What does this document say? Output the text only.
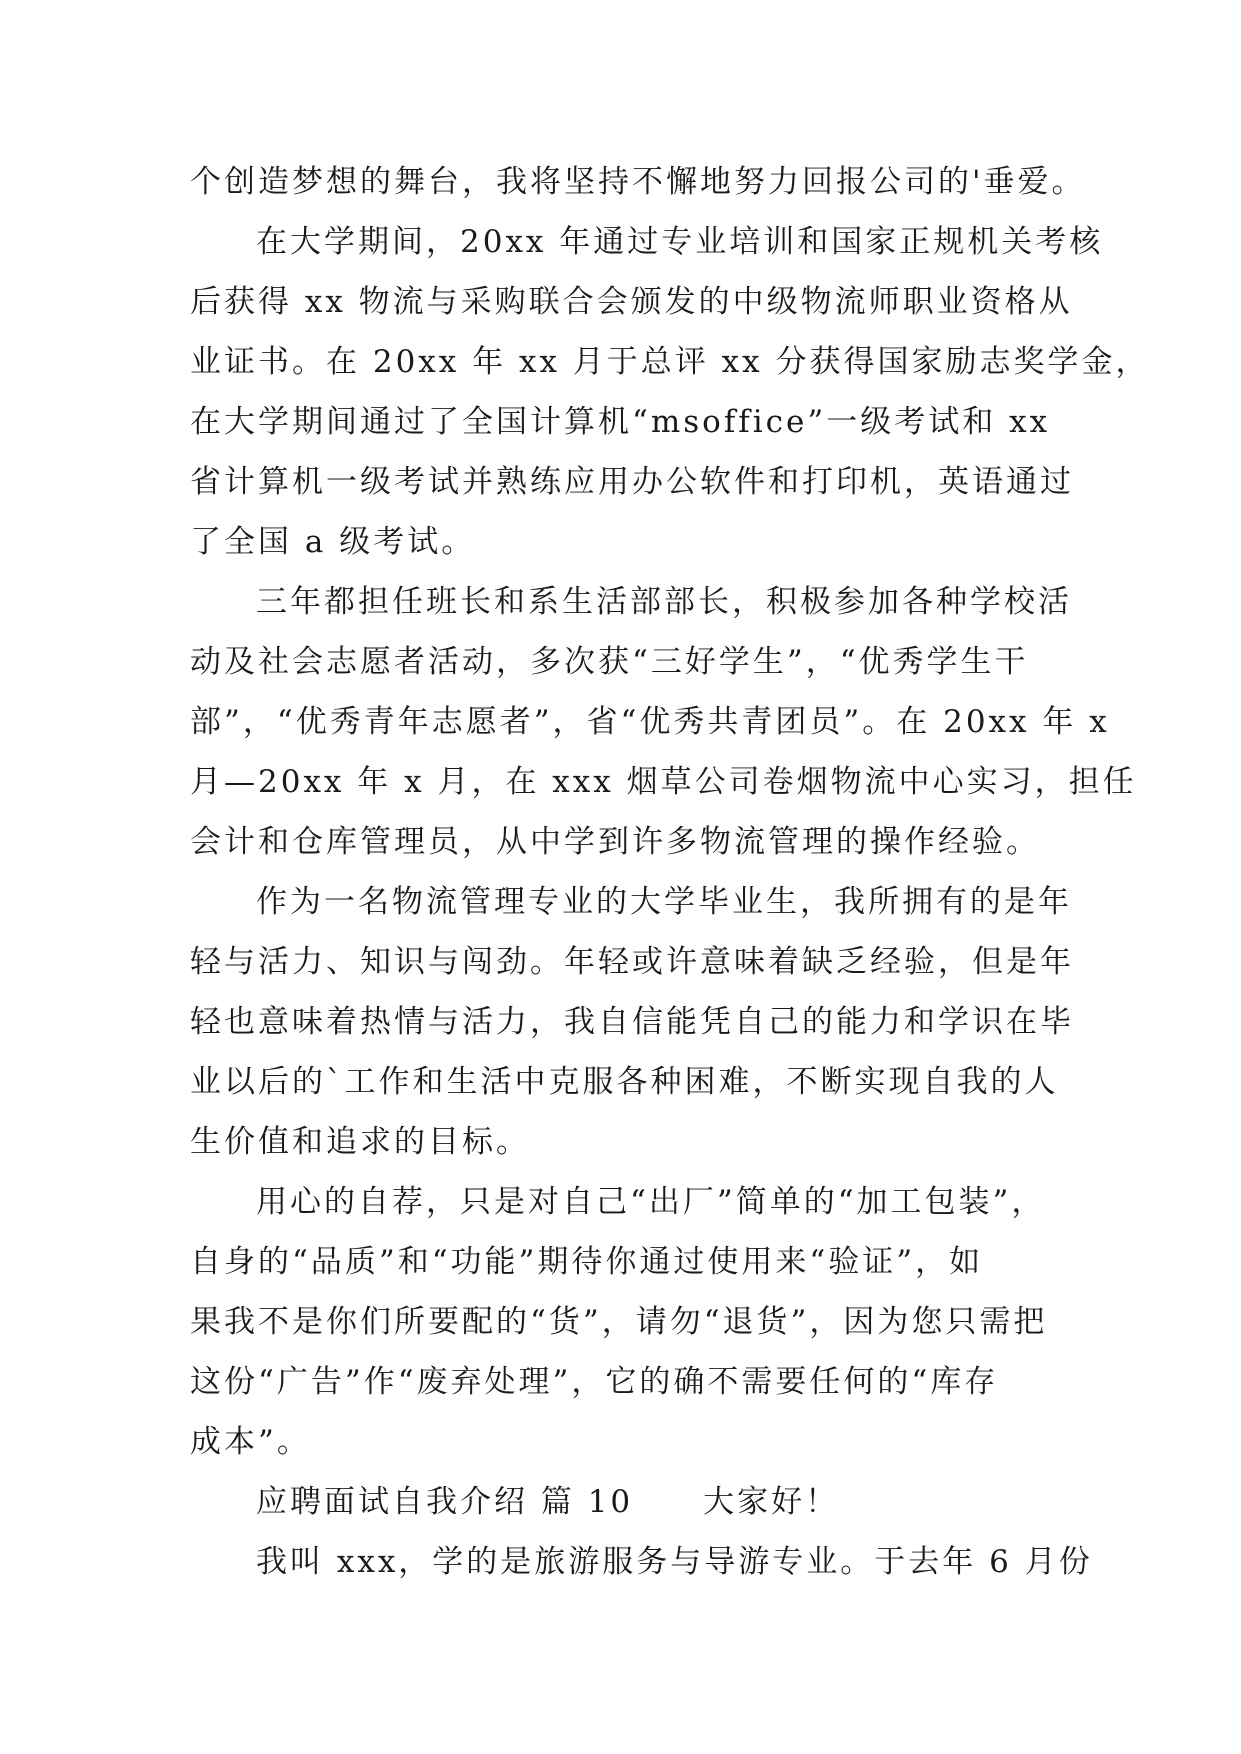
个创造梦想的舞台，我将坚持不懈地努力回报公司的'垂爱。
在大学期间，20xx 年通过专业培训和国家正规机关考核
后获得 xx 物流与采购联合会颁发的中级物流师职业资格从
业证书。在 20xx 年 xx 月于总评 xx 分获得国家励志奖学金，
在大学期间通过了全国计算机“msoffice”一级考试和 xx
省计算机一级考试并熟练应用办公软件和打印机，英语通过
了全国 a 级考试。
三年都担任班长和系生活部部长，积极参加各种学校活
动及社会志愿者活动，多次获“三好学生”，“优秀学生干
部”，“优秀青年志愿者”，省“优秀共青团员”。在 20xx 年 x
月—20xx 年 x 月，在 xxx 烟草公司卷烟物流中心实习，担任
会计和仓库管理员，从中学到许多物流管理的操作经验。
作为一名物流管理专业的大学毕业生，我所拥有的是年
轻与活力、知识与闯劲。年轻或许意味着缺乏经验，但是年
轻也意味着热情与活力，我自信能凭自己的能力和学识在毕
业以后的`工作和生活中克服各种困难，不断实现自我的人
生价值和追求的目标。
用心的自荐，只是对自己“出厂”简单的“加工包装”，
自身的“品质”和“功能”期待你通过使用来“验证”，如
果我不是你们所要配的“货”，请勿“退货”，因为您只需把
这份“广告”作“废弃处理”，它的确不需要任何的“库存
成本”。
应聘面试自我介绍 篇 10 大家好！
我叫 xxx，学的是旅游服务与导游专业。于去年 6 月份
